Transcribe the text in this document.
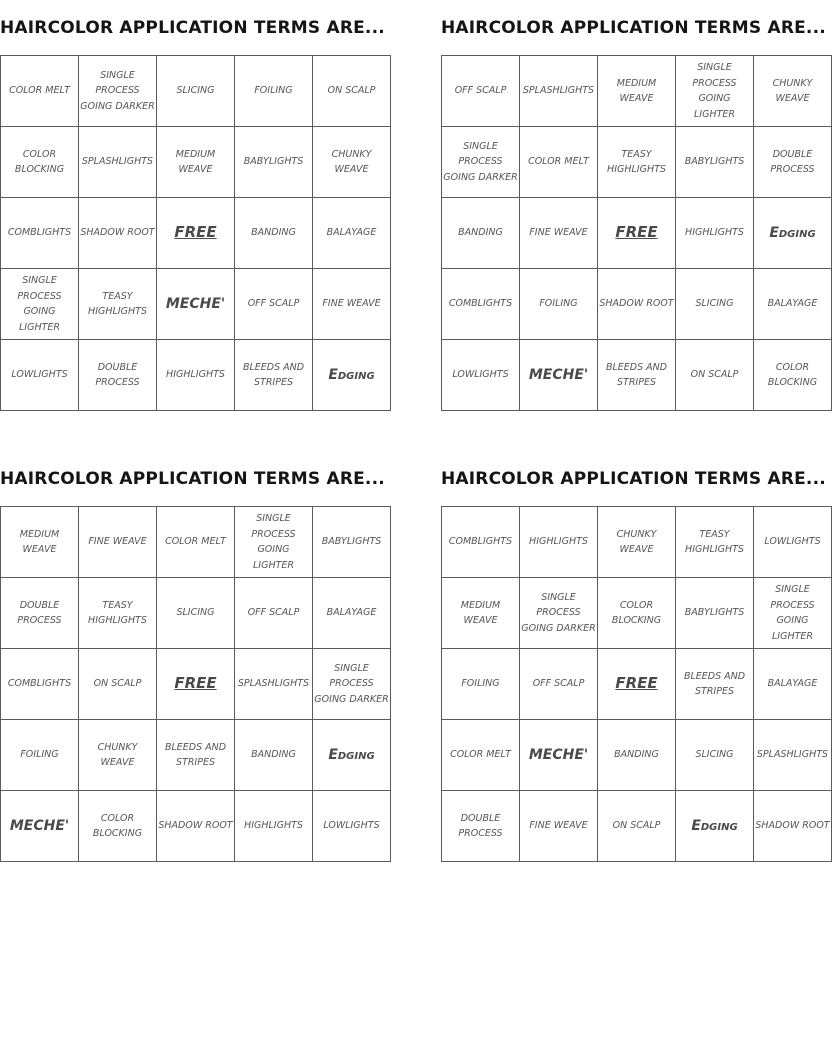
HAIRCOLOR APPLICATION TERMS ARE...
COLOR MELT	SINGLE PROCESS GOING DARKER	SLICING	FOILING	ON SCALP
COLOR BLOCKING	SPLASHLIGHTS	MEDIUM WEAVE	BABYLIGHTS	CHUNKY WEAVE
COMBLIGHTS	SHADOW ROOT	FREE	BANDING	BALAYAGE
SINGLE PROCESS GOING LIGHTER	TEASY HIGHLIGHTS	MECHE'	OFF SCALP	FINE WEAVE
LOWLIGHTS	DOUBLE PROCESS	HIGHLIGHTS	BLEEDS AND STRIPES	Edging
HAIRCOLOR APPLICATION TERMS ARE...
OFF SCALP	SPLASHLIGHTS	MEDIUM WEAVE	SINGLE PROCESS GOING LIGHTER	CHUNKY WEAVE
SINGLE PROCESS GOING DARKER	COLOR MELT	TEASY HIGHLIGHTS	BABYLIGHTS	DOUBLE PROCESS
BANDING	FINE WEAVE	FREE	HIGHLIGHTS	Edging
COMBLIGHTS	FOILING	SHADOW ROOT	SLICING	BALAYAGE
LOWLIGHTS	MECHE'	BLEEDS AND STRIPES	ON SCALP	COLOR BLOCKING
HAIRCOLOR APPLICATION TERMS ARE...
MEDIUM WEAVE	FINE WEAVE	COLOR MELT	SINGLE PROCESS GOING LIGHTER	BABYLIGHTS
DOUBLE PROCESS	TEASY HIGHLIGHTS	SLICING	OFF SCALP	BALAYAGE
COMBLIGHTS	ON SCALP	FREE	SPLASHLIGHTS	SINGLE PROCESS GOING DARKER
FOILING	CHUNKY WEAVE	BLEEDS AND STRIPES	BANDING	Edging
MECHE'	COLOR BLOCKING	SHADOW ROOT	HIGHLIGHTS	LOWLIGHTS
HAIRCOLOR APPLICATION TERMS ARE...
COMBLIGHTS	HIGHLIGHTS	CHUNKY WEAVE	TEASY HIGHLIGHTS	LOWLIGHTS
MEDIUM WEAVE	SINGLE PROCESS GOING DARKER	COLOR BLOCKING	BABYLIGHTS	SINGLE PROCESS GOING LIGHTER
FOILING	OFF SCALP	FREE	BLEEDS AND STRIPES	BALAYAGE
COLOR MELT	MECHE'	BANDING	SLICING	SPLASHLIGHTS
DOUBLE PROCESS	FINE WEAVE	ON SCALP	Edging	SHADOW ROOT
